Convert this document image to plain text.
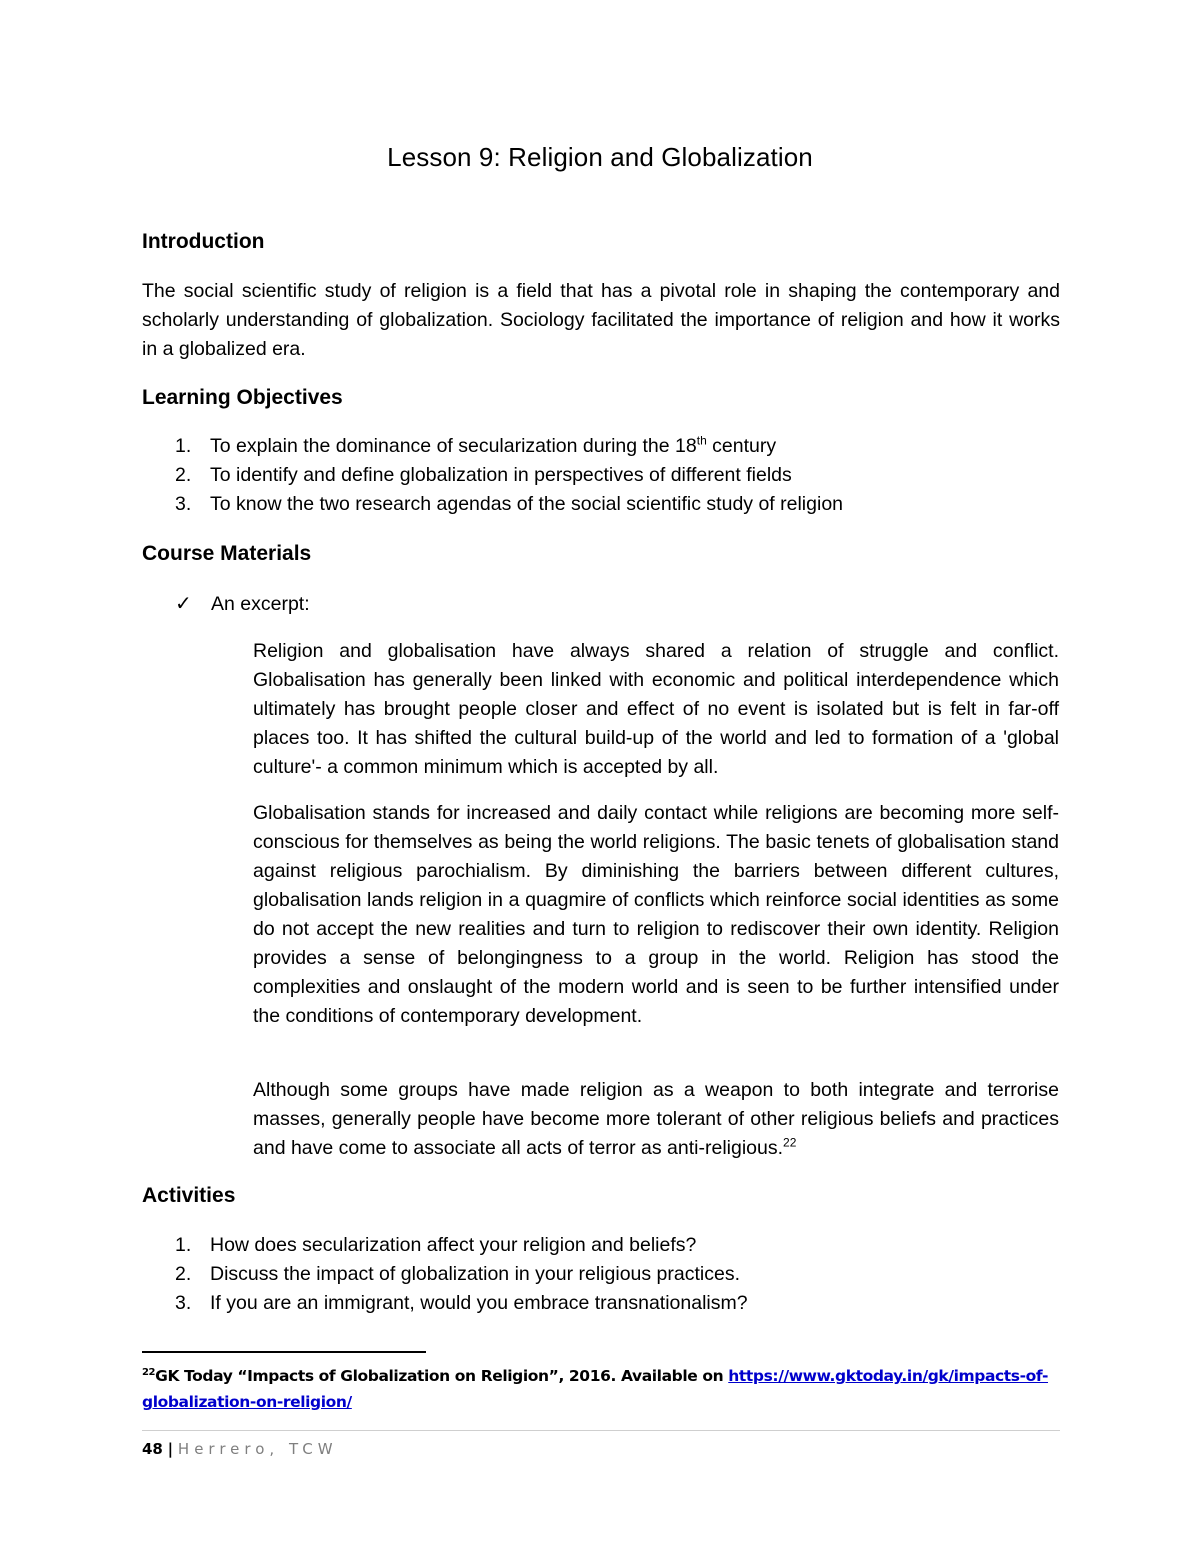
Lesson 9: Religion and Globalization
Introduction

The social scientific study of religion is a field that has a pivotal role in shaping the contemporary and scholarly understanding of globalization. Sociology facilitated the importance of religion and how it works in a globalized era.

Learning Objectives
1. To explain the dominance of secularization during the 18th century
2. To identify and define globalization in perspectives of different fields
3. To know the two research agendas of the social scientific study of religion
Course Materials
✓ An excerpt:

Religion and globalisation have always shared a relation of struggle and conflict. Globalisation has generally been linked with economic and political interdependence which ultimately has brought people closer and effect of no event is isolated but is felt in far-off places too. It has shifted the cultural build-up of the world and led to formation of a 'global culture'- a common minimum which is accepted by all.

Globalisation stands for increased and daily contact while religions are becoming more self-conscious for themselves as being the world religions. The basic tenets of globalisation stand against religious parochialism. By diminishing the barriers between different cultures, globalisation lands religion in a quagmire of conflicts which reinforce social identities as some do not accept the new realities and turn to religion to rediscover their own identity. Religion provides a sense of belongingness to a group in the world. Religion has stood the complexities and onslaught of the modern world and is seen to be further intensified under the conditions of contemporary development.

Although some groups have made religion as a weapon to both integrate and terrorise masses, generally people have become more tolerant of other religious beliefs and practices and have come to associate all acts of terror as anti-religious.$^{22}$

Activities
1. How does secularization affect your religion and beliefs?
2. Discuss the impact of globalization in your religious practices.
3. If you are an immigrant, would you embrace transnationalism?
$^{22}$GK Today “Impacts of Globalization on Religion”, 2016. Available on https://www.gktoday.in/gk/impacts-of-
globalization-on-religion/
48 | Herrero, TCW
